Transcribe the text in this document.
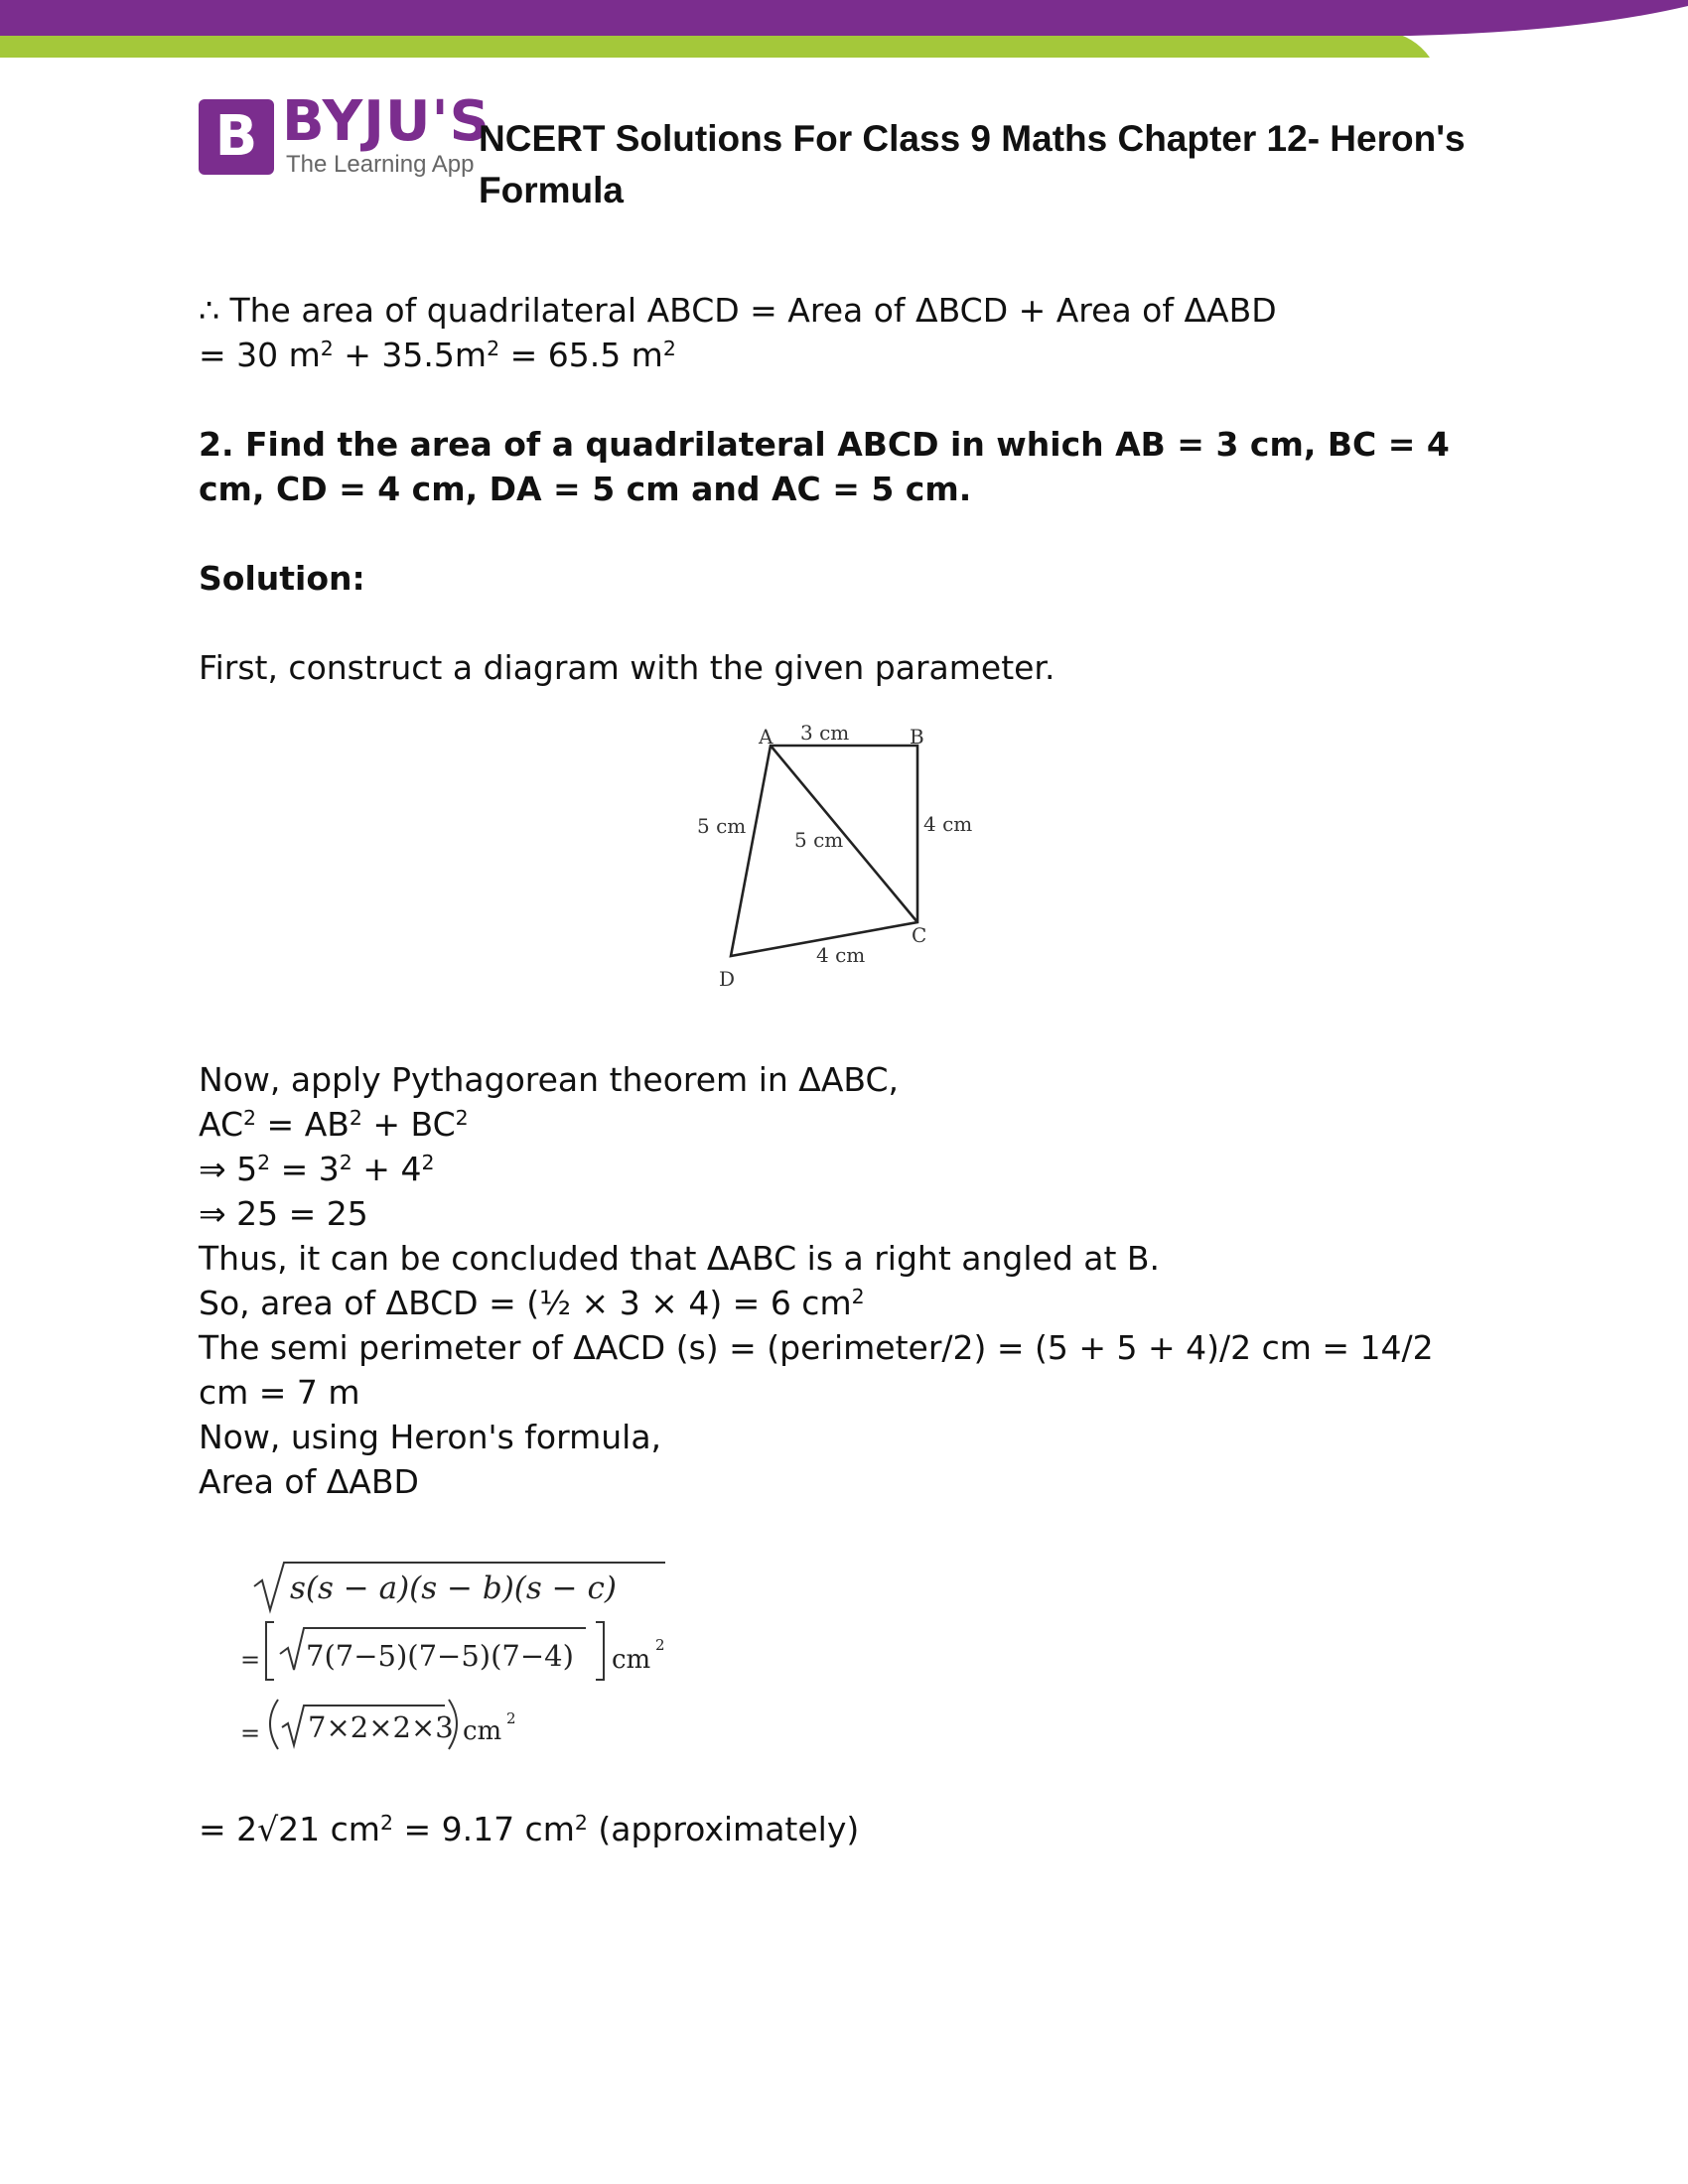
B BYJU'S
The Learning App
NCERT Solutions For Class 9 Maths Chapter 12- Heron's Formula

∴ The area of quadrilateral ABCD = Area of ΔBCD + Area of ΔABD

= 30 $m^2 + 35.5m^2 = 65.5$ $m^2$

2. Find the area of a quadrilateral ABCD in which AB = 3 cm, BC = 4 cm, CD = 4 cm, DA = 5 cm and AC = 5 cm.

Solution:

First, construct a diagram with the given parameter.

A	B
C
D
3 cm
4 cm
4 cm
5 cm
5 cm

Now, apply Pythagorean theorem in ΔABC,

$AC^2 = AB^2 + BC^2$

⇒ $5^2 = 3^2 + 4^2$

⇒ 25 = 25

Thus, it can be concluded that ΔABC is a right angled at B.

So, area of ΔBCD = (½ × 3 × 4) = 6 $cm^2$

The semi perimeter of ΔACD (s) = (perimeter/2) = (5 + 5 + 4)/2 cm = 14/2 cm = 7 m

Now, using Heron's formula,

Area of ΔABD

s(s − a)(s − b)(s − c)
= 7(7−5)(7−5)(7−4) cm 2
= 7×2×2×3 cm 2

= 2√21 $cm^2 = 9.17$ $cm^2$ (approximately)
